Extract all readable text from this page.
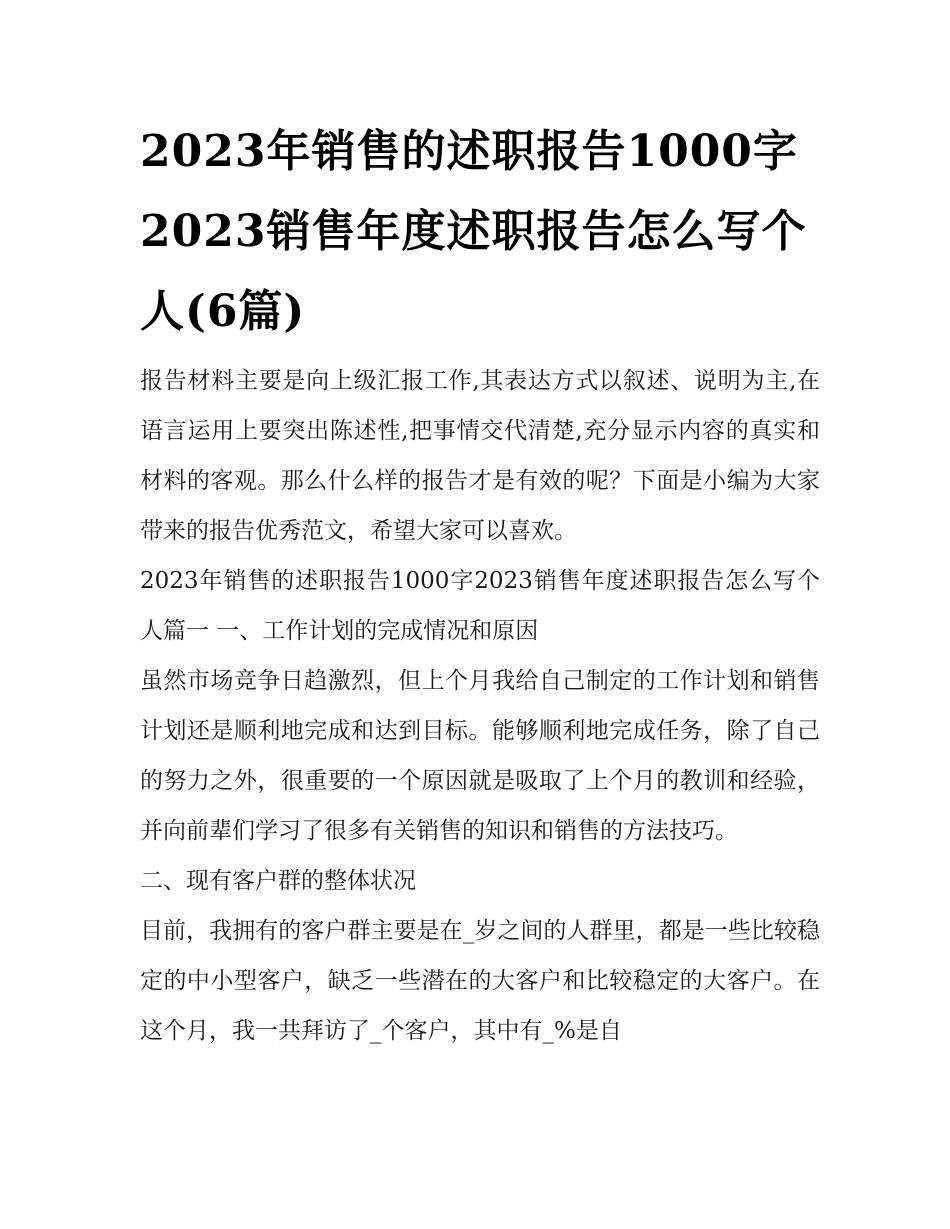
2023年销售的述职报告1000字2023销售年度述职报告怎么写个人(6篇)

报告材料主要是向上级汇报工作,其表达方式以叙述、说明为主,在语言运用上要突出陈述性,把事情交代清楚,充分显示内容的真实和材料的客观。那么什么样的报告才是有效的呢？下面是小编为大家带来的报告优秀范文，希望大家可以喜欢。

2023年销售的述职报告1000字2023销售年度述职报告怎么写个人篇一 一、工作计划的完成情况和原因

虽然市场竞争日趋激烈，但上个月我给自己制定的工作计划和销售计划还是顺利地完成和达到目标。能够顺利地完成任务，除了自己的努力之外，很重要的一个原因就是吸取了上个月的教训和经验，并向前辈们学习了很多有关销售的知识和销售的方法技巧。

二、现有客户群的整体状况

目前，我拥有的客户群主要是在_岁之间的人群里，都是一些比较稳定的中小型客户，缺乏一些潜在的大客户和比较稳定的大客户。在这个月，我一共拜访了_个客户，其中有_%是自
